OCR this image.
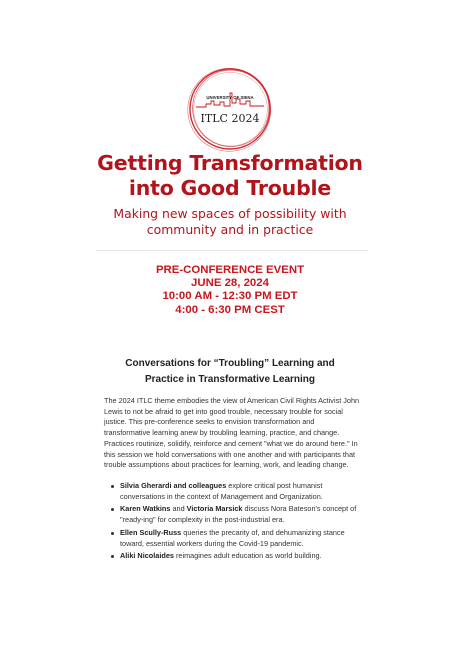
UNIVERSITY OF SIENA
ITLC 2024
Getting Transformation
into Good Trouble
Making new spaces of possibility with
community and in practice
PRE-CONFERENCE EVENT
JUNE 28, 2024
10:00 AM - 12:30 PM EDT
4:00 - 6:30 PM CEST
Conversations for “Troubling” Learning and
Practice in Transformative Learning

The 2024 ITLC theme embodies the view of American Civil Rights Activist John Lewis to not be afraid to get into good trouble, necessary trouble for social justice. This pre-conference seeks to envision transformation and transformative learning anew by troubling learning, practice, and change. Practices routinize, solidify, reinforce and cement "what we do around here." In this session we hold conversations with one another and with participants that trouble assumptions about practices for learning, work, and leading change.

Silvia Gherardi and colleagues explore critical post humanist conversations in the context of Management and Organization.
Karen Watkins and Victoria Marsick discuss Nora Bateson's concept of "ready-ing" for complexity in the post-industrial era.
Ellen Scully-Russ queries the precarity of, and dehumanizing stance toward, essential workers during the Covid-19 pandemic.
Aliki Nicolaides reimagines adult education as world building.
